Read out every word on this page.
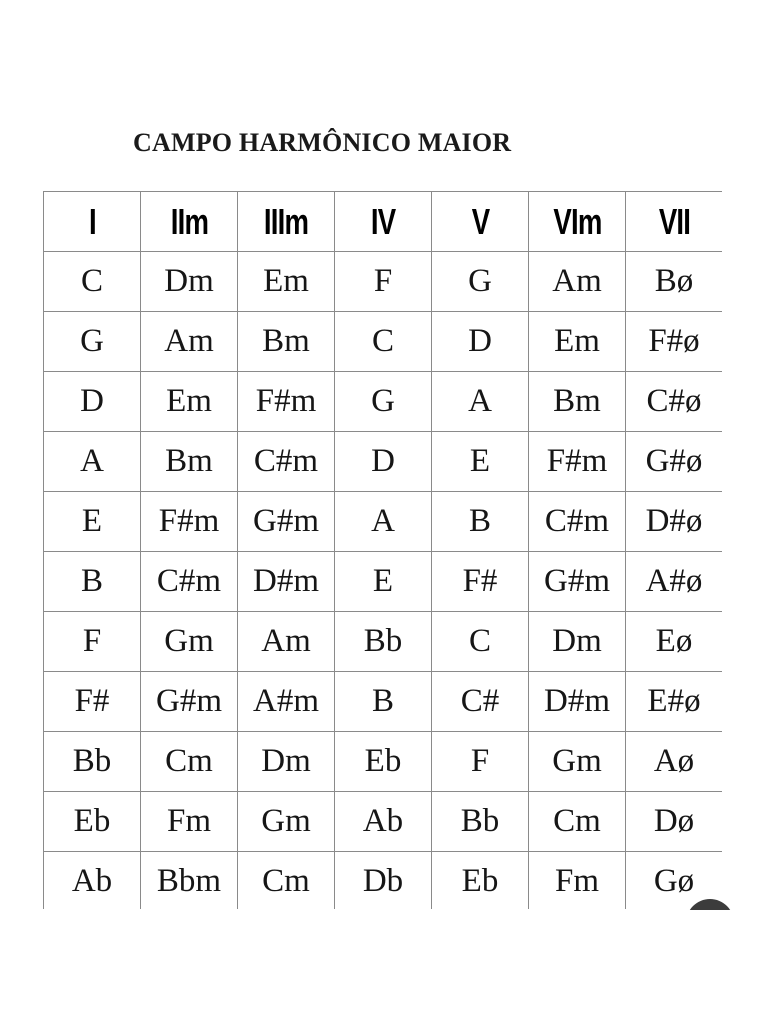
CAMPO HARMÔNICO MAIOR
I	IIm	IIIm	IV	V	VIm	VII
C	Dm	Em	F	G	Am	Bø
G	Am	Bm	C	D	Em	F#ø
D	Em	F#m	G	A	Bm	C#ø
A	Bm	C#m	D	E	F#m	G#ø
E	F#m	G#m	A	B	C#m	D#ø
B	C#m	D#m	E	F#	G#m	A#ø
F	Gm	Am	Bb	C	Dm	Eø
F#	G#m	A#m	B	C#	D#m	E#ø
Bb	Cm	Dm	Eb	F	Gm	Aø
Eb	Fm	Gm	Ab	Bb	Cm	Dø
Ab	Bbm	Cm	Db	Eb	Fm	Gø
